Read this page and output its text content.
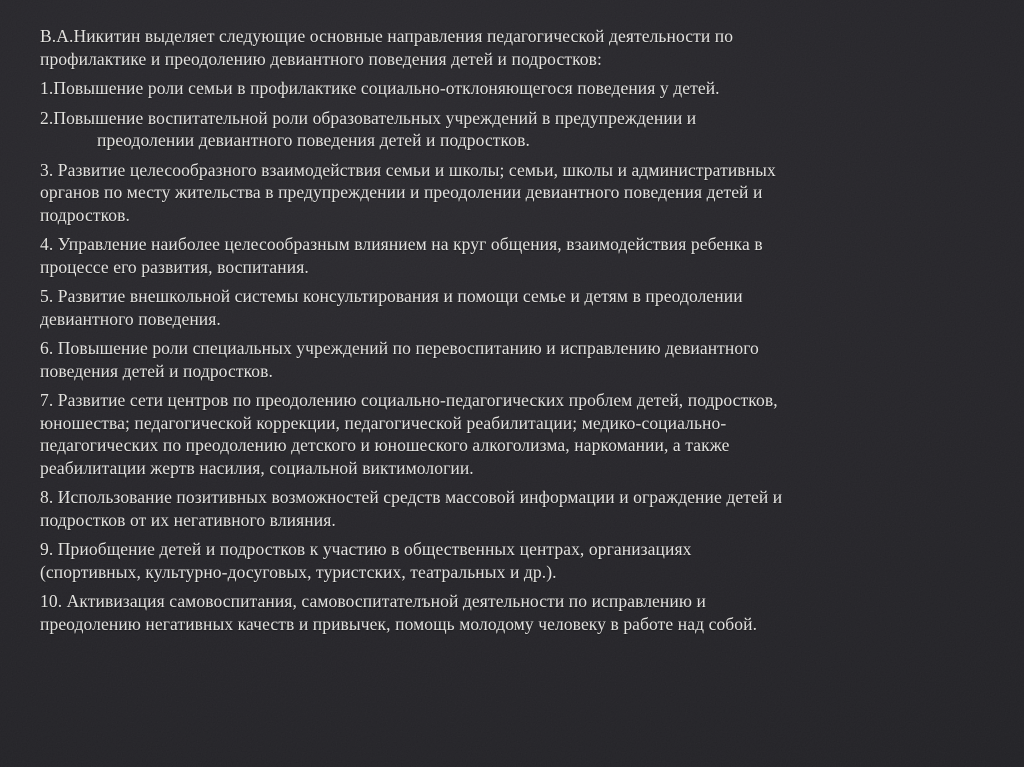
В.А.Никитин выделяет следующие основные направления педагогической деятельности по
профилактике и преодолению девиантного поведения детей и подростков:
1.Повышение роли семьи в профилактике социально-отклоняющегося поведения у детей.
2.Повышение воспитательной роли образовательных учреждений в предупреждении и
преодолении девиантного поведения детей и подростков.
3. Развитие целесообразного взаимодействия семьи и школы; семьи, школы и административных
органов по месту жительства в предупреждении и преодолении девиантного поведения детей и
подростков.
4. Управление наиболее целесообразным влиянием на круг общения, взаимодействия ребенка в
процессе его развития, воспитания.
5. Развитие внешкольной системы консультирования и помощи семье и детям в преодолении
девиантного поведения.
6. Повышение роли специальных учреждений по перевоспитанию и исправлению девиантного
поведения детей и подростков.
7. Развитие сети центров по преодолению социально-педагогических проблем детей, подростков,
юношества; педагогической коррекции, педагогической реабилитации; медико-социально-
педагогических по преодолению детского и юношеского алкоголизма, наркомании, а также
реабилитации жертв насилия, социальной виктимологии.
8. Использование позитивных возможностей средств массовой информации и ограждение детей и
подростков от их негативного влияния.
9. Приобщение детей и подростков к участию в общественных центрах, организациях
(спортивных, культурно-досуговых, туристских, театральных и др.).
10. Активизация самовоспитания, самовоспитателъной деятельности по исправлению и
преодолению негативных качеств и привычек, помощь молодому человеку в работе над собой.
